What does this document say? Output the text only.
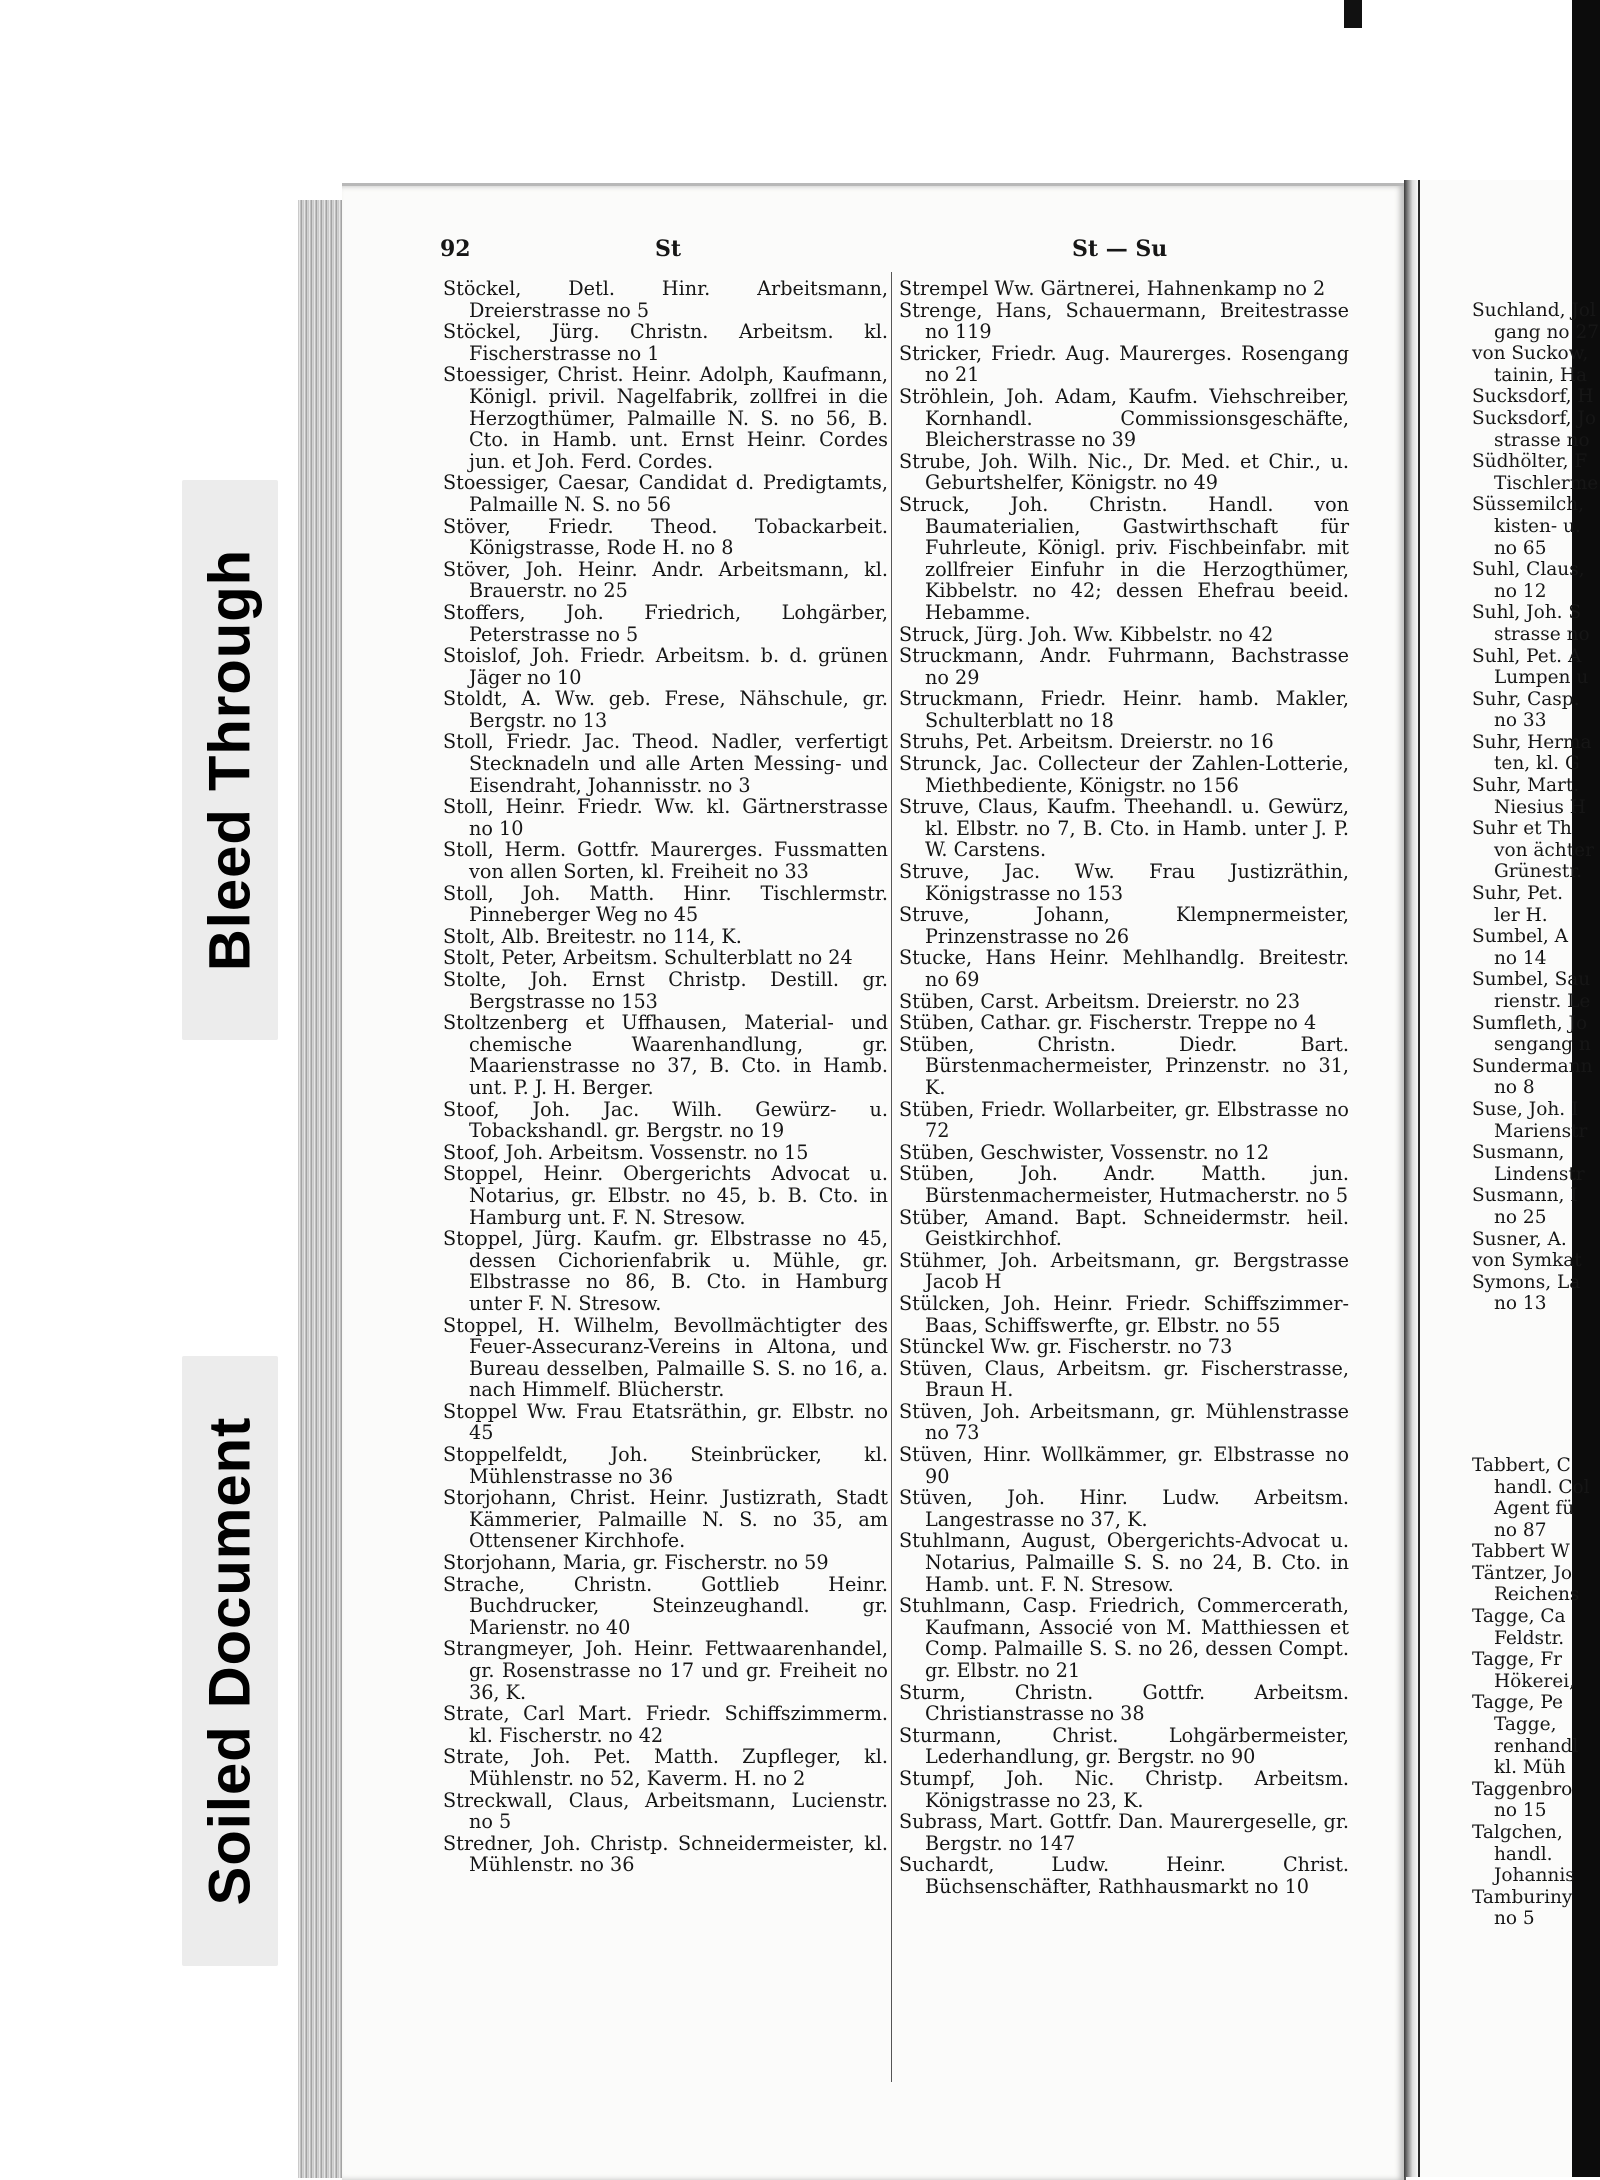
Bleed Through
Soiled Document
92	St	St — Su

Stöckel, Detl. Hinr. Arbeitsmann, Dreierstrasse no 5

Stöckel, Jürg. Christn. Arbeitsm. kl. Fischerstrasse no 1

Stoessiger, Christ. Heinr. Adolph, Kaufmann, Königl. privil. Nagelfabrik, zollfrei in die Herzogthümer, Palmaille N. S. no 56, B. Cto. in Hamb. unt. Ernst Heinr. Cordes jun. et Joh. Ferd. Cordes.

Stoessiger, Caesar, Candidat d. Predigtamts, Palmaille N. S. no 56

Stöver, Friedr. Theod. Tobackarbeit. Königstrasse, Rode H. no 8

Stöver, Joh. Heinr. Andr. Arbeitsmann, kl. Brauerstr. no 25

Stoffers, Joh. Friedrich, Lohgärber, Peterstrasse no 5

Stoislof, Joh. Friedr. Arbeitsm. b. d. grünen Jäger no 10

Stoldt, A. Ww. geb. Frese, Nähschule, gr. Bergstr. no 13

Stoll, Friedr. Jac. Theod. Nadler, verfertigt Stecknadeln und alle Arten Messing- und Eisendraht, Johannisstr. no 3

Stoll, Heinr. Friedr. Ww. kl. Gärtnerstrasse no 10

Stoll, Herm. Gottfr. Maurerges. Fussmatten von allen Sorten, kl. Freiheit no 33

Stoll, Joh. Matth. Hinr. Tischlermstr. Pinneberger Weg no 45

Stolt, Alb. Breitestr. no 114, K.

Stolt, Peter, Arbeitsm. Schulterblatt no 24

Stolte, Joh. Ernst Christp. Destill. gr. Bergstrasse no 153

Stoltzenberg et Uffhausen, Material- und chemische Waarenhandlung, gr. Maarienstrasse no 37, B. Cto. in Hamb. unt. P. J. H. Berger.

Stoof, Joh. Jac. Wilh. Gewürz- u. Tobackshandl. gr. Bergstr. no 19

Stoof, Joh. Arbeitsm. Vossenstr. no 15

Stoppel, Heinr. Obergerichts Advocat u. Notarius, gr. Elbstr. no 45, b. B. Cto. in Hamburg unt. F. N. Stresow.

Stoppel, Jürg. Kaufm. gr. Elbstrasse no 45, dessen Cichorienfabrik u. Mühle, gr. Elbstrasse no 86, B. Cto. in Hamburg unter F. N. Stresow.

Stoppel, H. Wilhelm, Bevollmächtigter des Feuer-Assecuranz-Vereins in Altona, und Bureau desselben, Palmaille S. S. no 16, a. nach Himmelf. Blücherstr.

Stoppel Ww. Frau Etatsräthin, gr. Elbstr. no 45

Stoppelfeldt, Joh. Steinbrücker, kl. Mühlenstrasse no 36

Storjohann, Christ. Heinr. Justizrath, Stadt Kämmerier, Palmaille N. S. no 35, am Ottensener Kirchhofe.

Storjohann, Maria, gr. Fischerstr. no 59

Strache, Christn. Gottlieb Heinr. Buchdrucker, Steinzeughandl. gr. Marienstr. no 40

Strangmeyer, Joh. Heinr. Fettwaarenhandel, gr. Rosenstrasse no 17 und gr. Freiheit no 36, K.

Strate, Carl Mart. Friedr. Schiffszimmerm. kl. Fischerstr. no 42

Strate, Joh. Pet. Matth. Zupfleger, kl. Mühlenstr. no 52, Kaverm. H. no 2

Streckwall, Claus, Arbeitsmann, Lucienstr. no 5

Stredner, Joh. Christp. Schneidermeister, kl. Mühlenstr. no 36

Strempel Ww. Gärtnerei, Hahnenkamp no 2

Strenge, Hans, Schauermann, Breitestrasse no 119

Stricker, Friedr. Aug. Maurerges. Rosengang no 21

Ströhlein, Joh. Adam, Kaufm. Viehschreiber, Kornhandl. Commissionsgeschäfte, Bleicherstrasse no 39

Strube, Joh. Wilh. Nic., Dr. Med. et Chir., u. Geburtshelfer, Königstr. no 49

Struck, Joh. Christn. Handl. von Baumaterialien, Gastwirthschaft für Fuhrleute, Königl. priv. Fischbeinfabr. mit zollfreier Einfuhr in die Herzogthümer, Kibbelstr. no 42; dessen Ehefrau beeid. Hebamme.

Struck, Jürg. Joh. Ww. Kibbelstr. no 42

Struckmann, Andr. Fuhrmann, Bachstrasse no 29

Struckmann, Friedr. Heinr. hamb. Makler, Schulterblatt no 18

Struhs, Pet. Arbeitsm. Dreierstr. no 16

Strunck, Jac. Collecteur der Zahlen-Lotterie, Miethbediente, Königstr. no 156

Struve, Claus, Kaufm. Theehandl. u. Gewürz, kl. Elbstr. no 7, B. Cto. in Hamb. unter J. P. W. Carstens.

Struve, Jac. Ww. Frau Justizräthin, Königstrasse no 153

Struve, Johann, Klempnermeister, Prinzenstrasse no 26

Stucke, Hans Heinr. Mehlhandlg. Breitestr. no 69

Stüben, Carst. Arbeitsm. Dreierstr. no 23

Stüben, Cathar. gr. Fischerstr. Treppe no 4

Stüben, Christn. Diedr. Bart. Bürstenmachermeister, Prinzenstr. no 31, K.

Stüben, Friedr. Wollarbeiter, gr. Elbstrasse no 72

Stüben, Geschwister, Vossenstr. no 12

Stüben, Joh. Andr. Matth. jun. Bürstenmachermeister, Hutmacherstr. no 5

Stüber, Amand. Bapt. Schneidermstr. heil. Geistkirchhof.

Stühmer, Joh. Arbeitsmann, gr. Bergstrasse Jacob H

Stülcken, Joh. Heinr. Friedr. Schiffszimmer-Baas, Schiffswerfte, gr. Elbstr. no 55

Stünckel Ww. gr. Fischerstr. no 73

Stüven, Claus, Arbeitsm. gr. Fischerstrasse, Braun H.

Stüven, Joh. Arbeitsmann, gr. Mühlenstrasse no 73

Stüven, Hinr. Wollkämmer, gr. Elbstrasse no 90

Stüven, Joh. Hinr. Ludw. Arbeitsm. Langestrasse no 37, K.

Stuhlmann, August, Obergerichts-Advocat u. Notarius, Palmaille S. S. no 24, B. Cto. in Hamb. unt. F. N. Stresow.

Stuhlmann, Casp. Friedrich, Commercerath, Kaufmann, Associé von M. Matthiessen et Comp. Palmaille S. S. no 26, dessen Compt. gr. Elbstr. no 21

Sturm, Christn. Gottfr. Arbeitsm. Christianstrasse no 38

Sturmann, Christ. Lohgärbermeister, Lederhandlung, gr. Bergstr. no 90

Stumpf, Joh. Nic. Christp. Arbeitsm. Königstrasse no 23, K.

Subrass, Mart. Gottfr. Dan. Maurergeselle, gr. Bergstr. no 147

Suchardt, Ludw. Heinr. Christ. Büchsenschäfter, Rathhausmarkt no 10

Suchland, Jol
gang no 27
von Suckow,
tainin, Ha
Sucksdorf, H
Sucksdorf, Jo
strasse no
Südhölter, F
Tischlerme
Süssemilch,
kisten- u.
no 65
Suhl, Claus,
no 12
Suhl, Joh. S
strasse no
Suhl, Pet. A
Lumpen u
Suhr, Casp.
no 33
Suhr, Herma
ten, kl. G
Suhr, Mart.
Niesius H
Suhr et Th
von ächter
Grünestr.
Suhr, Pet.
ler H.
Sumbel, A
no 14
Sumbel, Sau
rienstr. Le
Sumfleth, Jo
sengang n
Sundermann
no 8
Suse, Joh. I
Marienstr
Susmann,
Lindenstr
Susmann, I
no 25
Susner, A.
von Symkat
Symons, La
no 13
Tabbert, C
handl. Col
Agent fü
no 87
Tabbert W
Täntzer, Jo
Reichens
Tagge, Ca
Feldstr.
Tagge, Fr
Hökerei,
Tagge, Pe
Tagge,
renhandl
kl. Müh
Taggenbro
no 15
Talgchen,
handl.
Johannis
Tamburiny
no 5
